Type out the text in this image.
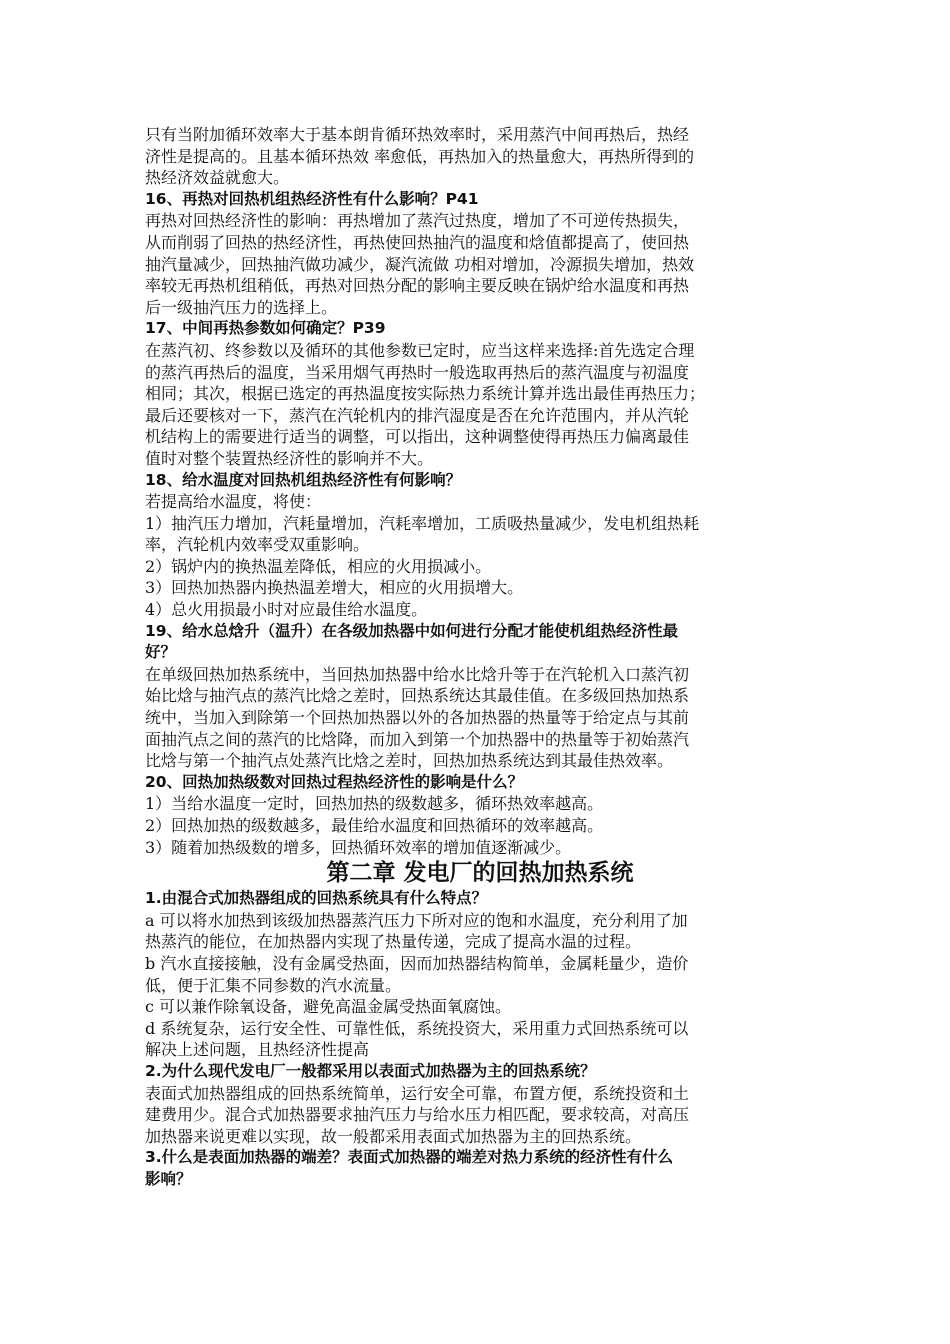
只有当附加循环效率大于基本朗肯循环热效率时，采用蒸汽中间再热后，热经

济性是提高的。且基本循环热效 率愈低，再热加入的热量愈大，再热所得到的

热经济效益就愈大。

16、再热对回热机组热经济性有什么影响？P41

再热对回热经济性的影响：再热增加了蒸汽过热度，增加了不可逆传热损失，

从而削弱了回热的热经济性，再热使回热抽汽的温度和焓值都提高了，使回热

抽汽量减少，回热抽汽做功减少，凝汽流做 功相对增加，冷源损失增加，热效

率较无再热机组稍低，再热对回热分配的影响主要反映在锅炉给水温度和再热

后一级抽汽压力的选择上。

17、中间再热参数如何确定？P39

在蒸汽初、终参数以及循环的其他参数已定时，应当这样来选择:首先选定合理

的蒸汽再热后的温度，当采用烟气再热时一般选取再热后的蒸汽温度与初温度

相同；其次，根据已选定的再热温度按实际热力系统计算并选出最佳再热压力；

最后还要核对一下，蒸汽在汽轮机内的排汽湿度是否在允许范围内，并从汽轮

机结构上的需要进行适当的调整，可以指出，这种调整使得再热压力偏离最佳

值时对整个装置热经济性的影响并不大。

18、给水温度对回热机组热经济性有何影响？

若提高给水温度，将使：

1）抽汽压力增加，汽耗量增加，汽耗率增加，工质吸热量减少，发电机组热耗

率，汽轮机内效率受双重影响。

2）锅炉内的换热温差降低，相应的火用损减小。

3）回热加热器内换热温差增大，相应的火用损增大。

4）总火用损最小时对应最佳给水温度。

19、给水总焓升（温升）在各级加热器中如何进行分配才能使机组热经济性最

好？

在单级回热加热系统中，当回热加热器中给水比焓升等于在汽轮机入口蒸汽初

始比焓与抽汽点的蒸汽比焓之差时，回热系统达其最佳值。在多级回热加热系

统中，当加入到除第一个回热加热器以外的各加热器的热量等于给定点与其前

面抽汽点之间的蒸汽的比焓降，而加入到第一个加热器中的热量等于初始蒸汽

比焓与第一个抽汽点处蒸汽比焓之差时，回热加热系统达到其最佳热效率。

20、回热加热级数对回热过程热经济性的影响是什么？

1）当给水温度一定时，回热加热的级数越多，循环热效率越高。

2）回热加热的级数越多，最佳给水温度和回热循环的效率越高。

3）随着加热级数的增多，回热循环效率的增加值逐渐减少。

第二章 发电厂的回热加热系统

1.由混合式加热器组成的回热系统具有什么特点？

a 可以将水加热到该级加热器蒸汽压力下所对应的饱和水温度，充分利用了加

热蒸汽的能位，在加热器内实现了热量传递，完成了提高水温的过程。

b 汽水直接接触，没有金属受热面，因而加热器结构简单，金属耗量少，造价

低，便于汇集不同参数的汽水流量。

c 可以兼作除氧设备，避免高温金属受热面氧腐蚀。

d 系统复杂，运行安全性、可靠性低，系统投资大，采用重力式回热系统可以

解决上述问题，且热经济性提高

2.为什么现代发电厂一般都采用以表面式加热器为主的回热系统？

表面式加热器组成的回热系统简单，运行安全可靠，布置方便，系统投资和土

建费用少。混合式加热器要求抽汽压力与给水压力相匹配，要求较高，对高压

加热器来说更难以实现，故一般都采用表面式加热器为主的回热系统。

3.什么是表面加热器的端差？表面式加热器的端差对热力系统的经济性有什么

影响？
